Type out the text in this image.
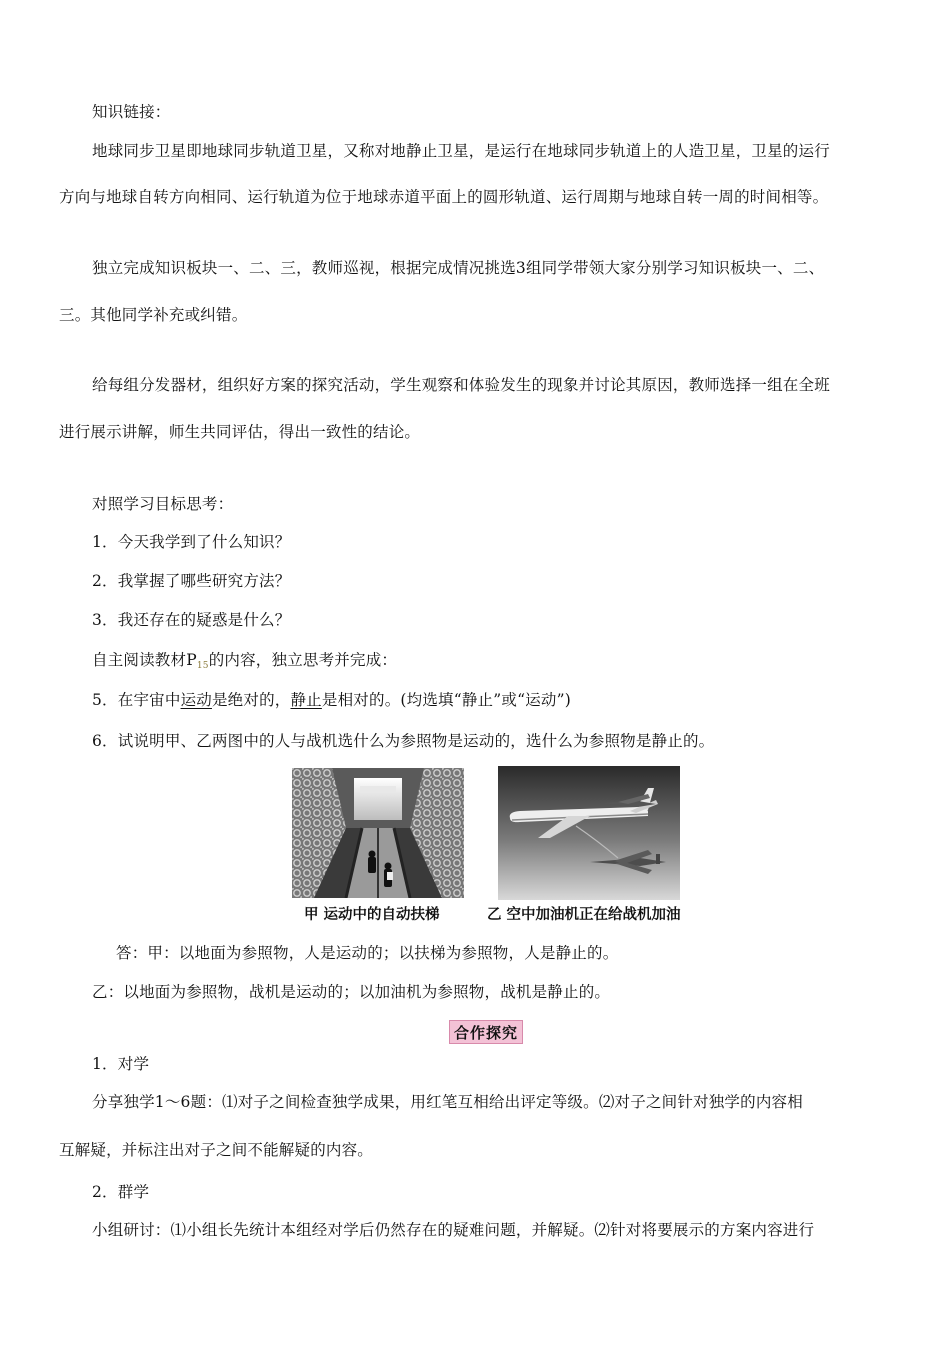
知识链接：
地球同步卫星即地球同步轨道卫星，又称对地静止卫星，是运行在地球同步轨道上的人造卫星，卫星的运行
方向与地球自转方向相同、运行轨道为位于地球赤道平面上的圆形轨道、运行周期与地球自转一周的时间相等。
独立完成知识板块一、二、三，教师巡视，根据完成情况挑选3组同学带领大家分别学习知识板块一、二、
三。其他同学补充或纠错。
给每组分发器材，组织好方案的探究活动，学生观察和体验发生的现象并讨论其原因，教师选择一组在全班
进行展示讲解，师生共同评估，得出一致性的结论。
对照学习目标思考：
1．今天我学到了什么知识？
2．我掌握了哪些研究方法？
3．我还存在的疑惑是什么？
自主阅读教材$P_{15}$的内容，独立思考并完成：
5．在宇宙中运动是绝对的，静止是相对的。(均选填“静止”或“运动”)
6．试说明甲、乙两图中的人与战机选什么为参照物是运动的，选什么为参照物是静止的。
甲 运动中的自动扶梯	乙 空中加油机正在给战机加油
答：甲：以地面为参照物，人是运动的；以扶梯为参照物，人是静止的。
乙：以地面为参照物，战机是运动的；以加油机为参照物，战机是静止的。
合作探究
1．对学
分享独学1～6题：⑴对子之间检查独学成果，用红笔互相给出评定等级。⑵对子之间针对独学的内容相
互解疑，并标注出对子之间不能解疑的内容。
2．群学
小组研讨：⑴小组长先统计本组经对学后仍然存在的疑难问题，并解疑。⑵针对将要展示的方案内容进行
